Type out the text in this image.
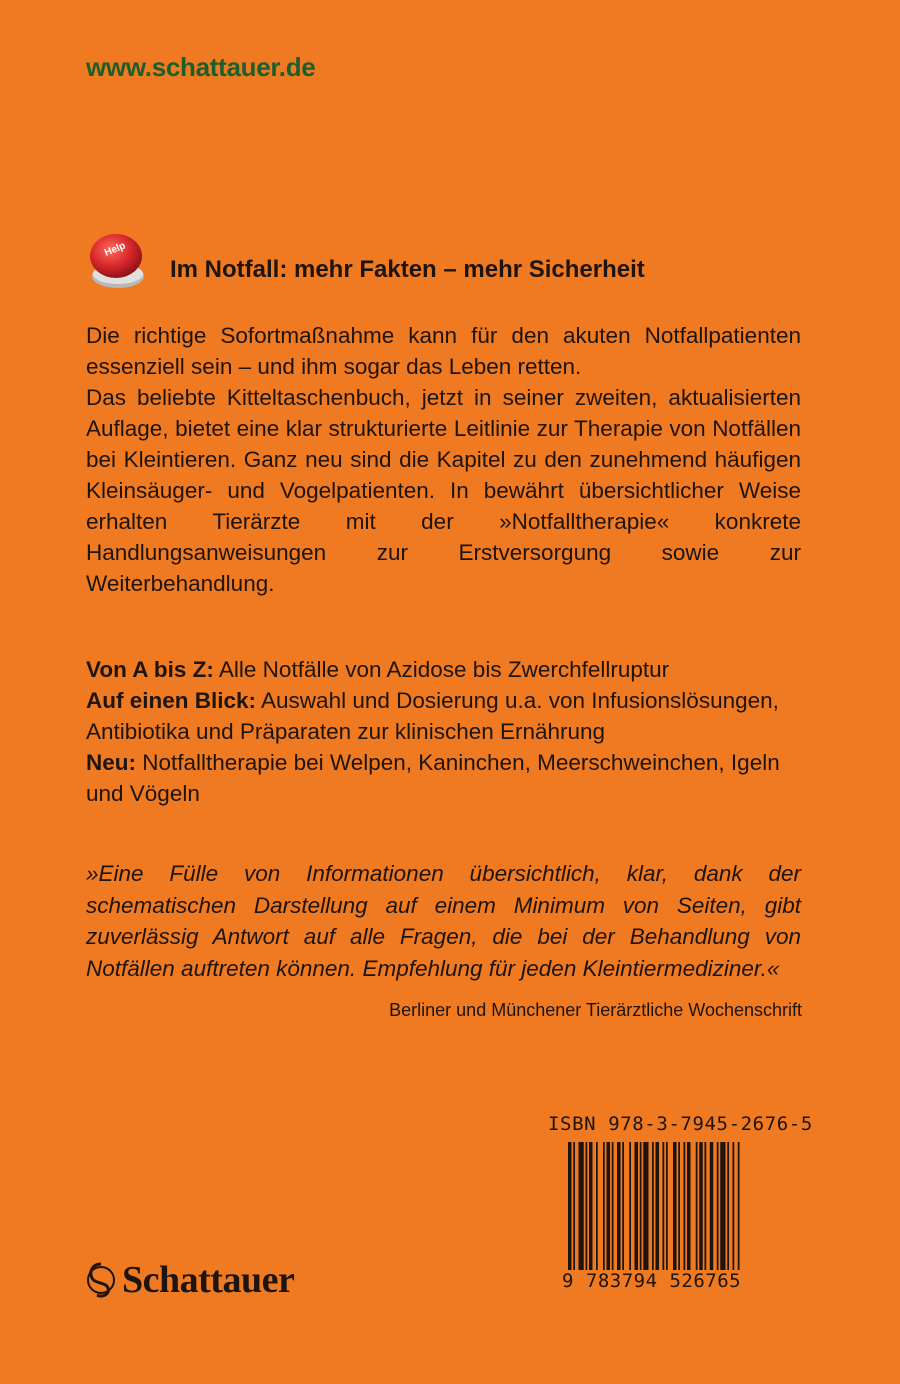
www.schattauer.de
Help
Im Notfall: mehr Fakten – mehr Sicherheit

Die richtige Sofortmaßnahme kann für den akuten Notfallpatienten essenziell sein – und ihm sogar das Leben retten.

Das beliebte Kitteltaschenbuch, jetzt in seiner zweiten, aktualisierten Auflage, bietet eine klar strukturierte Leitlinie zur Therapie von Notfällen bei Kleintieren. Ganz neu sind die Kapitel zu den zunehmend häufigen Kleinsäuger- und Vogelpatienten. In bewährt übersichtlicher Weise erhalten Tierärzte mit der »Notfalltherapie« konkrete Handlungsanweisungen zur Erstversorgung sowie zur Weiterbehandlung.

Von A bis Z: Alle Notfälle von Azidose bis Zwerchfellruptur

Auf einen Blick: Auswahl und Dosierung u.a. von Infusionslösungen, Antibiotika und Präparaten zur klinischen Ernährung

Neu: Notfalltherapie bei Welpen, Kaninchen, Meerschweinchen, Igeln und Vögeln

»Eine Fülle von Informationen übersichtlich, klar, dank der schematischen Darstellung auf einem Minimum von Seiten, gibt zuverlässig Antwort auf alle Fragen, die bei der Behandlung von Notfällen auftreten können. Empfehlung für jeden Kleintiermediziner.«
Berliner und Münchener Tierärztliche Wochenschrift
ISBN 978-3-7945-2676-5
9 783794 526765
Schattauer
